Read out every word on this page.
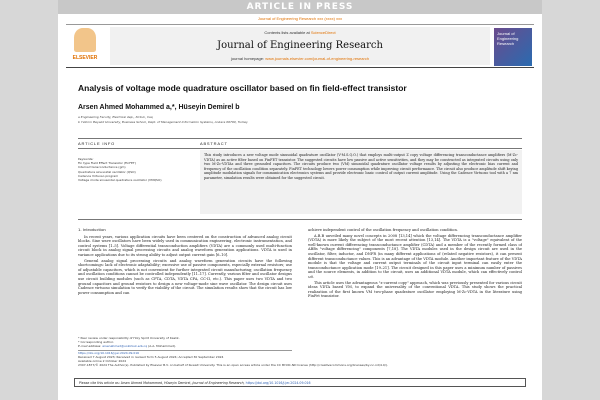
ARTICLE IN PRESS
Journal of Engineering Research xxx (xxxx) xxx
ELSEVIER
Contents lists available at ScienceDirect
Journal of Engineering Research
journal homepage: www.journals.elsevier.com/journal-of-engineering-research
Journal of Engineering Research
Analysis of voltage mode quadrature oscillator based on fin field-effect transistor
Arsen Ahmed Mohammed a,*, Hüseyin Demirel b
a Engineering Faculty, Electrical dep., Kirkuk, Iraq
b Yıldırım Beyazıt University, Business School, Dept. of Management Information Systems, Ankara 06760, Turkey
ARTICLE INFO	ABSTRACT
Keywords:
Fin type Field Effect Transistor (FinFET)
Internal transconductance (gm)
Quadrature sinusoidal oscillator (QSO)
Cadence Virtuoso program
Voltage mode sinusoidal quadrature oscillator (VMQSO)
This study introduces a new voltage mode sinusoidal quadrature oscillator (V-M.S.Q.O.) that employs multi-output Z copy voltage differencing transconductance amplifiers (M-Zc-VDTA) as an active filter based on FinFET transistor. The suggested circuits have low passive and active sensitivities, and they may be constructed as integrated circuits using only two M-Zc-VDTAs and three grounded capacitors. The circuits produce two (VM) sinusoidal quadrature oscillator voltage results by adjusting the electronic bias current and frequency of the oscillation condition separately. FinFET technology lowers power consumption while improving circuit performance. The circuit also produce amplitude shift keying amplitude modulation signals for communication electronics systems and provide electronic basic control of output current amplitude. Using the Cadence Virtuoso tool with a 7 nm parameter, simulation results were obtained for the suggested circuit.
1. Introduction

In recent years, various application circuits have been centered on the construction of advanced analog circuit blocks. Sine wave oscillators have been widely used in communication engineering, electronic instrumentation, and control systems [1–5]. Voltage differential transconduction amplifiers (VDTA) are a commonly used multi-function circuit block in analog signal processing circuits and analog waveform generation applications. VDTA is used in variance applications due to its strong ability to adjust output current gain [6–10].

General analog signal processing circuits and analog waveform generation circuits have the following shortcomings: lack of electronic adaptability; excessive use of passive components, especially external resistors; use of adjustable capacitors, which is not convenient for further integrated circuit manufacturing; oscillation frequency and oscillation conditions cannot be controlled independently [11–17]. Currently, various filter and oscillator designs use circuit building modules (such as CFTA, CDTA, VDTA CFA, CC-II, etc.). This paper uses two VDTA and two ground capacitors and ground resistors to design a new voltage-mode sine wave oscillator. The design circuit uses Cadence virtuoso simulation to verify the viability of the circuit. The simulation results show that the circuit has low power consumption and can

achieve independent control of the oscillation frequency and oscillation condition.

A.B.B unveiled many novel concepts in 2008 [13,14] which the voltage differencing transconductance amplifier (VDTA) is more likely the subject of the most recent attention [13,14]. The VDTA is a "voltage" equivalent of the well-known current differencing transconductance amplifier (CDTA) and a member of the recently formed class of ABBs "voltage differencing" components [7,18]. The VDTA modules used in the design circuit are used in the oscillator, filter, inductor, and DNFR (in many different applications of (related negative resistors), it can present different transconductance values. This is an advantage of the VDTA module. Another important feature of the VDTA module is that the voltage and current output terminals of the circuit input terminal can easily enter the transconductance application mode [19–21]. The circuit designed in this paper uses a minimum number of passives and the source elements, in addition to the circuit, uses an additional VDTA module, which can effectively control ω0.

This article uses the advantageous "z-current copy" approach, which was previously presented for various circuit ideas VDTA based VM, to expand the universality of the conventional VDTA. This study shows the practical realization of the first known VM two-phase quadrature oscillator employing M-Zc-VDTA in the literature using FinFet transistor.

* Peer review under responsibility of Holy Spirit University of Kaslik.
* Corresponding author.
E-mail address: arsenahmed@uokirkuk.edu.iq (A.A. Mohammed).
https://doi.org/10.1016/j.jer.2024.09.016
Received 7 August 2023; Received in revised form 5 August 2024; Accepted 30 September 2024
Available online 2 October 2024
2307-1877/© 2024 The Author(s). Published by Elsevier B.V. on behalf of Kuwait University. This is an open access article under the CC BY-NC-ND license (http://creativecommons.org/licenses/by-nc-nd/4.0/).
Please cite this article as: Arsen Ahmed Mohammed, Hüseyin Demirel, Journal of Engineering Research, https://doi.org/10.1016/j.jer.2024.09.016
